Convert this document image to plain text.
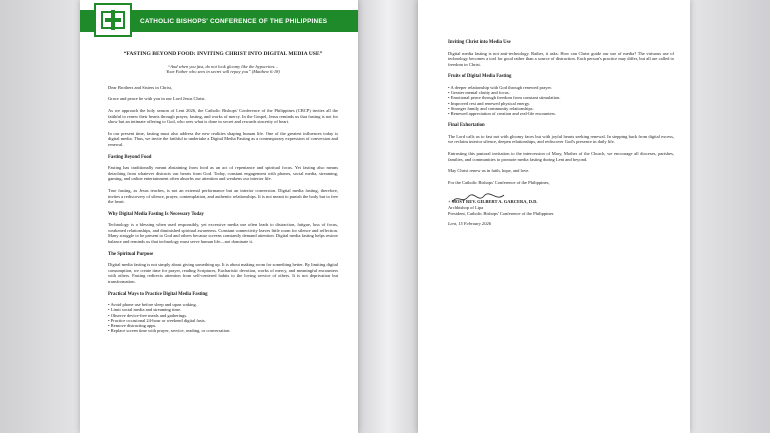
CATHOLIC BISHOPS' CONFERENCE OF THE PHILIPPINES
“FASTING BEYOND FOOD: INVITING CHRIST INTO DIGITAL MEDIA USE”
“And when you fast, do not look gloomy like the hypocrites…
Your Father who sees in secret will repay you” (Matthew 6:18)

Dear Brothers and Sisters in Christ,

Grace and peace be with you in our Lord Jesus Christ.

As we approach the holy season of Lent 2026, the Catholic Bishops' Conference of the Philippines (CBCP) invites all the faithful to renew their hearts through prayer, fasting, and works of mercy. In the Gospel, Jesus reminds us that fasting is not for show but an intimate offering to God, who sees what is done in secret and rewards sincerity of heart.

In our present time, fasting must also address the new realities shaping human life. One of the greatest influences today is digital media. Thus, we invite the faithful to undertake a Digital Media Fasting as a contemporary expression of conversion and renewal.

Fasting Beyond Food

Fasting has traditionally meant abstaining from food as an act of repentance and spiritual focus. Yet fasting also means detaching from whatever distracts our hearts from God. Today, constant engagement with phones, social media, streaming, gaming, and online entertainment often absorbs our attention and weakens our interior life.

True fasting, as Jesus teaches, is not an external performance but an interior conversion. Digital media fasting, therefore, invites a rediscovery of silence, prayer, contemplation, and authentic relationships. It is not meant to punish the body but to free the heart.

Why Digital Media Fasting Is Necessary Today

Technology is a blessing when used responsibly, yet excessive media use often leads to distraction, fatigue, loss of focus, weakened relationships, and diminished spiritual awareness. Constant connectivity leaves little room for silence and reflection. Many struggle to be present to God and others because screens constantly demand attention. Digital media fasting helps restore balance and reminds us that technology must serve human life—not dominate it.

The Spiritual Purpose

Digital media fasting is not simply about giving something up. It is about making room for something better. By limiting digital consumption, we create time for prayer, reading Scriptures, Eucharistic devotion, works of mercy, and meaningful encounters with others. Fasting redirects attention from self-centered habits to the loving service of others. It is not deprivation but transformation.

Practical Ways to Practice Digital Media Fasting
• Avoid phone use before sleep and upon waking.
• Limit social media and streaming time.
• Observe device-free meals and gatherings.
• Practice occasional 24-hour or weekend digital fasts.
• Remove distracting apps.
• Replace screen time with prayer, service, reading, or conversation.
Inviting Christ into Media Use

Digital media fasting is not anti-technology. Rather, it asks: How can Christ guide our use of media? The virtuous use of technology becomes a tool for good rather than a source of distraction. Each person's practice may differ, but all are called to freedom in Christ.

Fruits of Digital Media Fasting
• A deeper relationship with God through renewed prayer.
• Greater mental clarity and focus.
• Emotional peace through freedom from constant stimulation.
• Improved rest and renewed physical energy.
• Stronger family and community relationships.
• Renewed appreciation of creation and real-life encounters.
Final Exhortation

The Lord calls us to fast not with gloomy faces but with joyful hearts seeking renewal. In stepping back from digital excess, we reclaim interior silence, deepen relationships, and rediscover God's presence in daily life.

Entrusting this pastoral invitation to the intercession of Mary, Mother of the Church, we encourage all dioceses, parishes, families, and communities to promote media fasting during Lent and beyond.

May Christ renew us in faith, hope, and love.

For the Catholic Bishops' Conference of the Philippines,

+ MOST REV. GILBERT A. GARCERA, D.D.
Archbishop of Lipa
President, Catholic Bishops' Conference of the Philippines
Lent, 15 February 2026
